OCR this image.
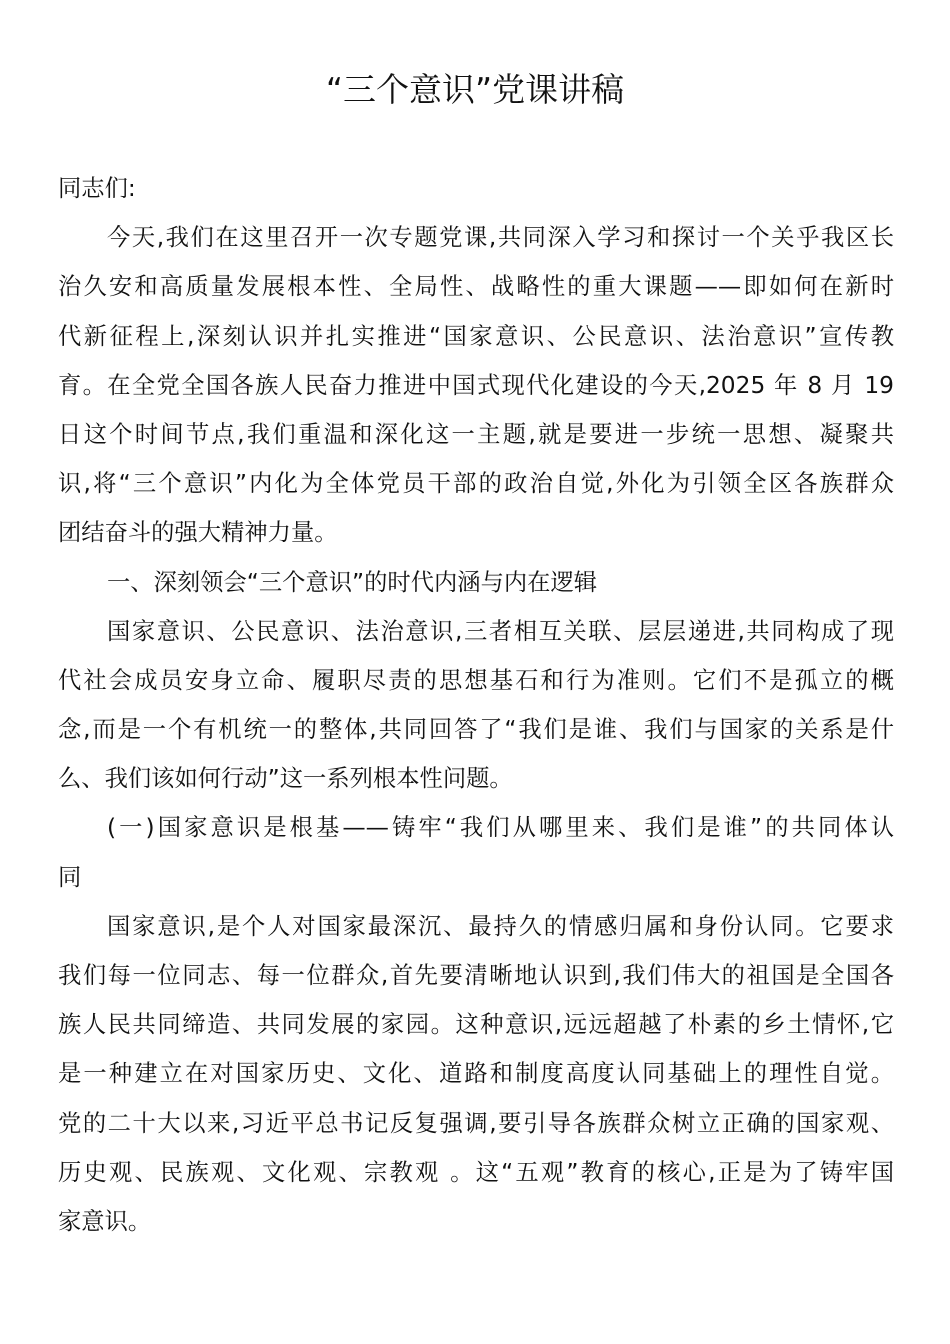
“三个意识”党课讲稿
同志们:
今天,我们在这里召开一次专题党课,共同深入学习和探讨一个关乎我区长
治久安和高质量发展根本性、全局性、战略性的重大课题——即如何在新时
代新征程上,深刻认识并扎实推进“国家意识、公民意识、法治意识”宣传教
育。在全党全国各族人民奋力推进中国式现代化建设的今天,2025 年 8 月 19
日这个时间节点,我们重温和深化这一主题,就是要进一步统一思想、凝聚共
识,将“三个意识”内化为全体党员干部的政治自觉,外化为引领全区各族群众
团结奋斗的强大精神力量。
一、深刻领会“三个意识”的时代内涵与内在逻辑
国家意识、公民意识、法治意识,三者相互关联、层层递进,共同构成了现
代社会成员安身立命、履职尽责的思想基石和行为准则。它们不是孤立的概
念,而是一个有机统一的整体,共同回答了“我们是谁、我们与国家的关系是什
么、我们该如何行动”这一系列根本性问题。
(一)国家意识是根基——铸牢“我们从哪里来、我们是谁”的共同体认
同
国家意识,是个人对国家最深沉、最持久的情感归属和身份认同。它要求
我们每一位同志、每一位群众,首先要清晰地认识到,我们伟大的祖国是全国各
族人民共同缔造、共同发展的家园。这种意识,远远超越了朴素的乡土情怀,它
是一种建立在对国家历史、文化、道路和制度高度认同基础上的理性自觉。
党的二十大以来,习近平总书记反复强调,要引导各族群众树立正确的国家观、
历史观、民族观、文化观、宗教观 。这“五观”教育的核心,正是为了铸牢国
家意识。
